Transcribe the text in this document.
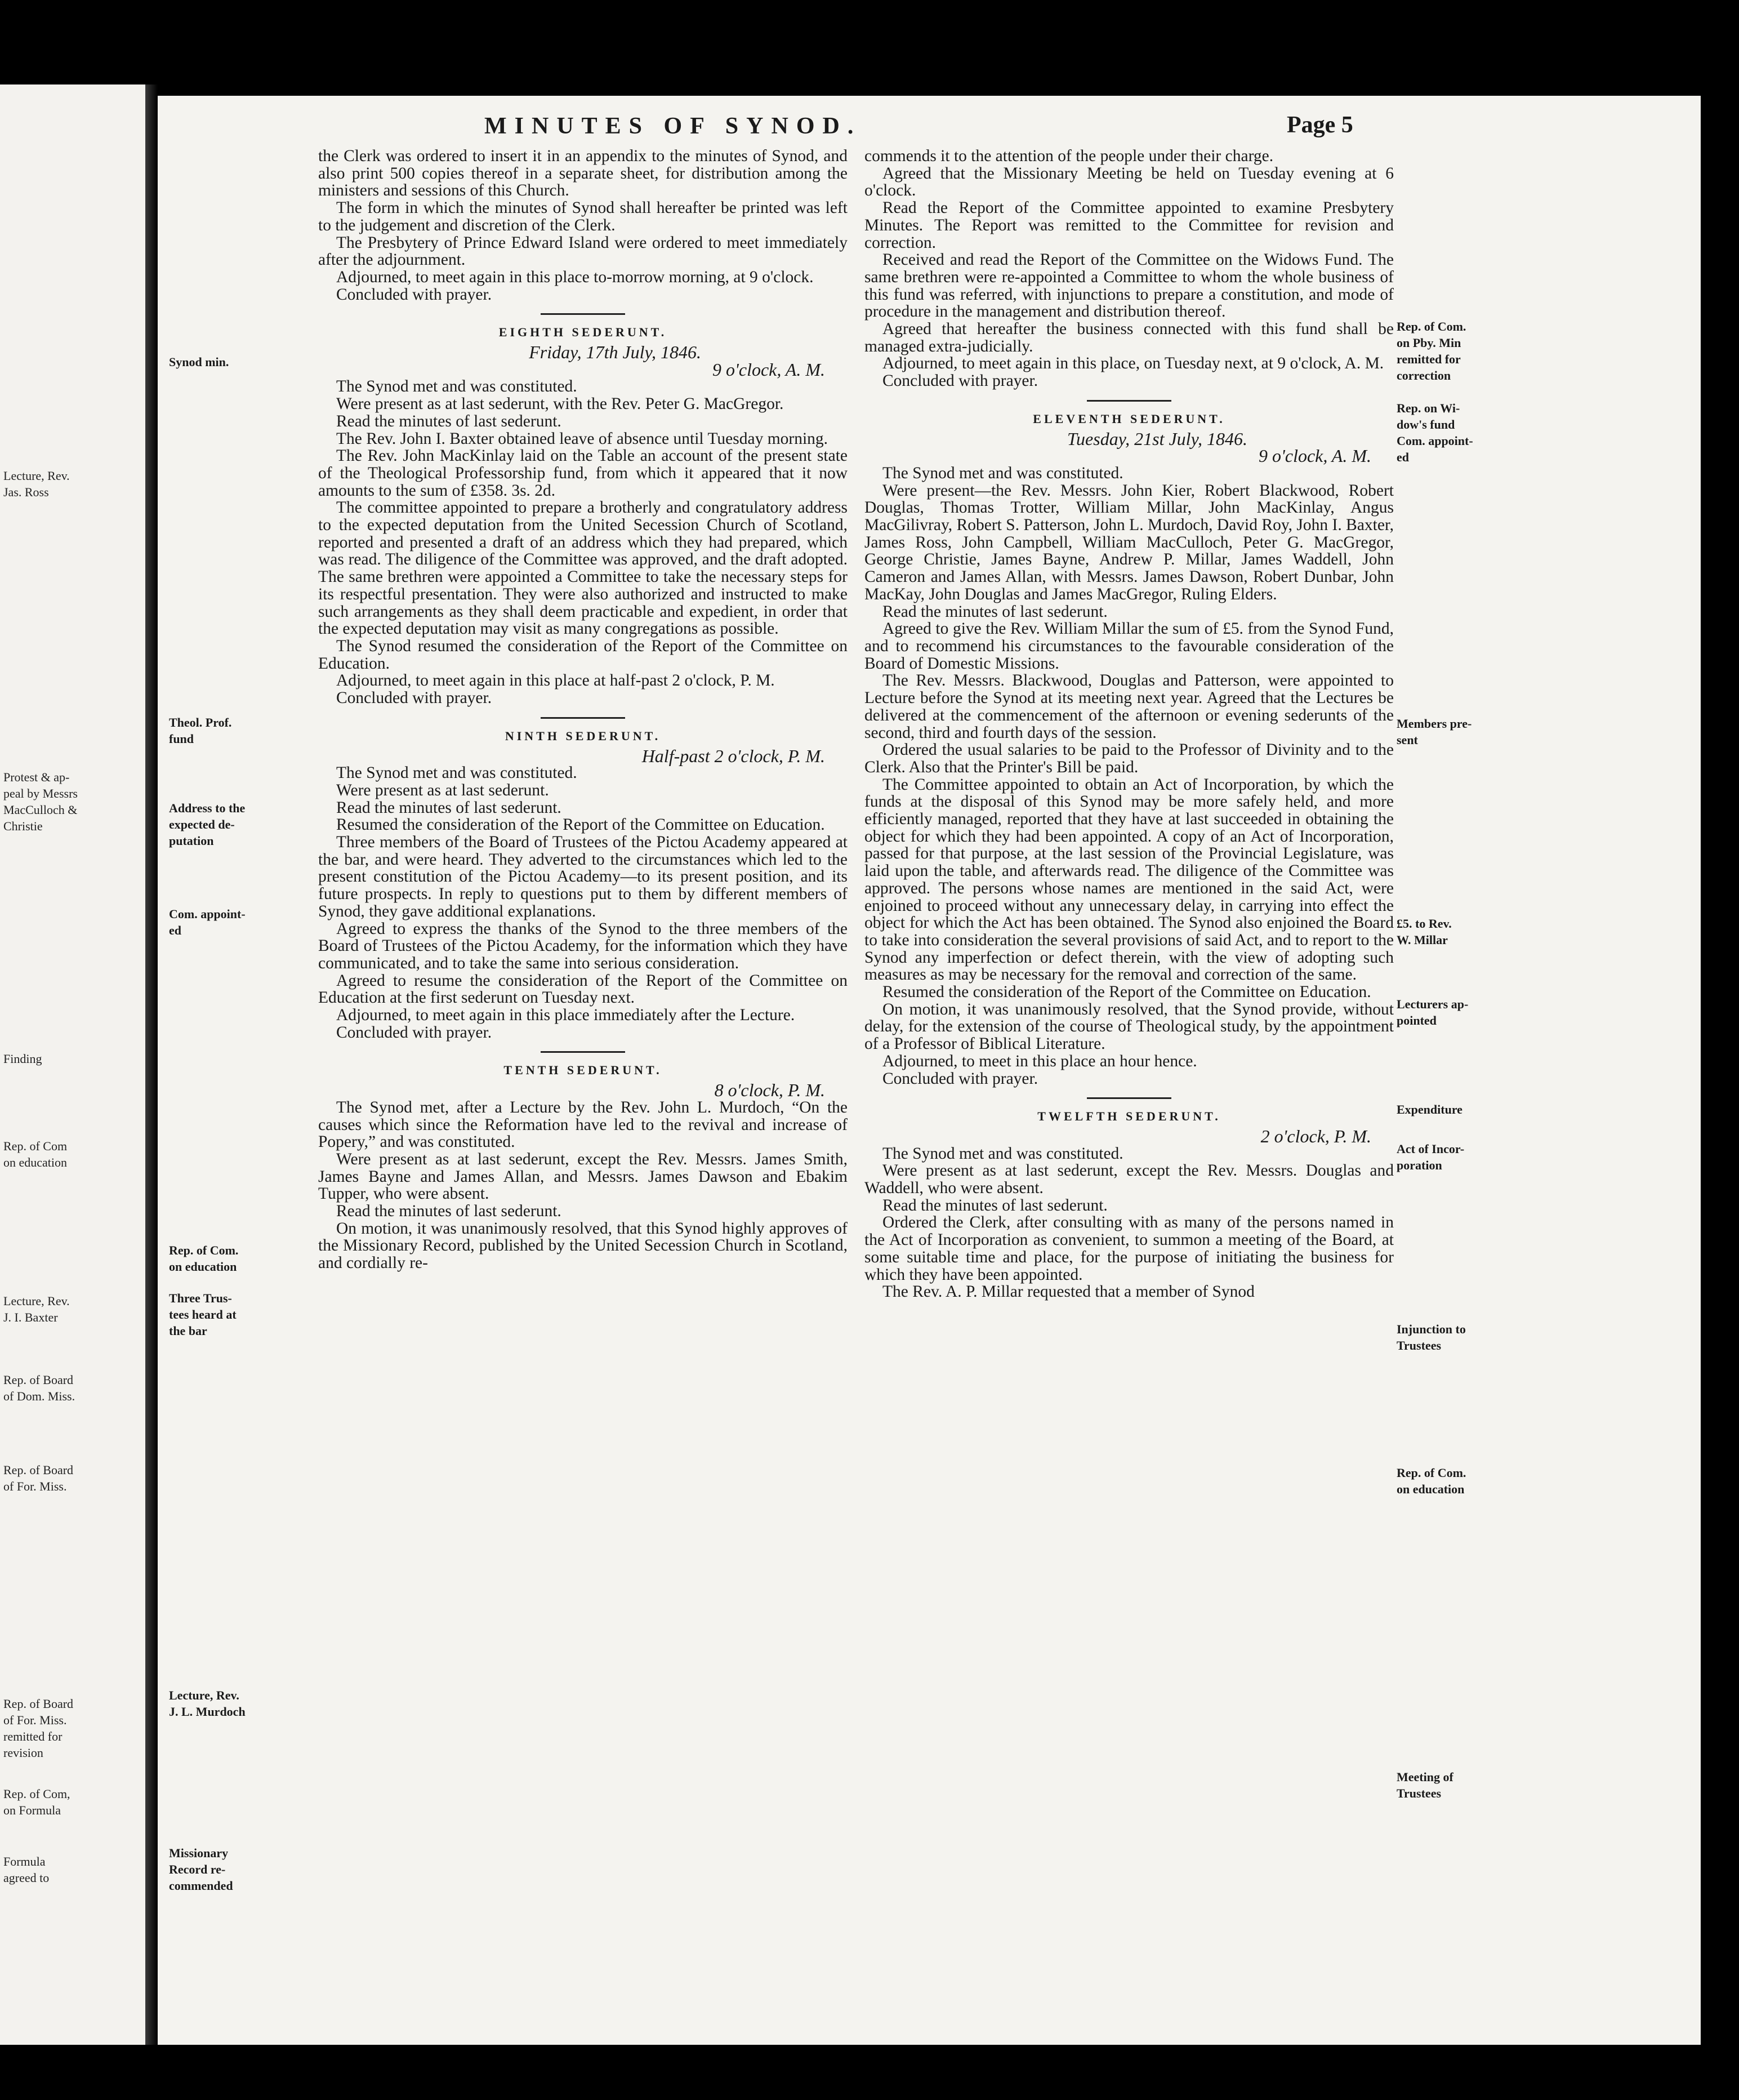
Lecture, Rev.
Jas. Ross
Protest & ap-
peal by Messrs
MacCulloch &
Christie
Finding
Rep. of Com
on education
Lecture, Rev.
J. I. Baxter
Rep. of Board
of Dom. Miss.
Rep. of Board
of For. Miss.
Rep. of Board
of For. Miss.
remitted for
revision
Rep. of Com,
on Formula
Formula
agreed to
MINUTES OF SYNOD.	Page 5

the Clerk was ordered to insert it in an appendix to the minutes of Synod, and also print 500 copies thereof in a separate sheet, for distribution among the ministers and sessions of this Church.

The form in which the minutes of Synod shall hereafter be printed was left to the judgement and discretion of the Clerk.

The Presbytery of Prince Edward Island were ordered to meet immediately after the adjournment.

Adjourned, to meet again in this place to-morrow morning, at 9 o'clock.

Concluded with prayer.

EIGHTH SEDERUNT.
Friday, 17th July, 1846.
9 o'clock, A. M.

The Synod met and was constituted.

Were present as at last sederunt, with the Rev. Peter G. MacGregor.

Read the minutes of last sederunt.

The Rev. John I. Baxter obtained leave of absence until Tuesday morning.

The Rev. John MacKinlay laid on the Table an account of the present state of the Theological Professorship fund, from which it appeared that it now amounts to the sum of £358. 3s. 2d.

The committee appointed to prepare a brotherly and congratulatory address to the expected deputation from the United Secession Church of Scotland, reported and presented a draft of an address which they had prepared, which was read. The diligence of the Committee was approved, and the draft adopted. The same brethren were appointed a Committee to take the necessary steps for its respectful presentation. They were also authorized and instructed to make such arrangements as they shall deem practicable and expedient, in order that the expected deputation may visit as many congregations as possible.

The Synod resumed the consideration of the Report of the Committee on Education.

Adjourned, to meet again in this place at half-past 2 o'clock, P. M.

Concluded with prayer.

NINTH SEDERUNT.
Half-past 2 o'clock, P. M.

The Synod met and was constituted.

Were present as at last sederunt.

Read the minutes of last sederunt.

Resumed the consideration of the Report of the Committee on Education.

Three members of the Board of Trustees of the Pictou Academy appeared at the bar, and were heard. They adverted to the circumstances which led to the present constitution of the Pictou Academy—to its present position, and its future prospects. In reply to questions put to them by different members of Synod, they gave additional explanations.

Agreed to express the thanks of the Synod to the three members of the Board of Trustees of the Pictou Academy, for the information which they have communicated, and to take the same into serious consideration.

Agreed to resume the consideration of the Report of the Committee on Education at the first sederunt on Tuesday next.

Adjourned, to meet again in this place immediately after the Lecture.

Concluded with prayer.

TENTH SEDERUNT.
8 o'clock, P. M.

The Synod met, after a Lecture by the Rev. John L. Murdoch, “On the causes which since the Reformation have led to the revival and increase of Popery,” and was constituted.

Were present as at last sederunt, except the Rev. Messrs. James Smith, James Bayne and James Allan, and Messrs. James Dawson and Ebakim Tupper, who were absent.

Read the minutes of last sederunt.

On motion, it was unanimously resolved, that this Synod highly approves of the Missionary Record, published by the United Secession Church in Scotland, and cordially re-

commends it to the attention of the people under their charge.

Agreed that the Missionary Meeting be held on Tuesday evening at 6 o'clock.

Read the Report of the Committee appointed to examine Presbytery Minutes. The Report was remitted to the Committee for revision and correction.

Received and read the Report of the Committee on the Widows Fund. The same brethren were re-appointed a Committee to whom the whole business of this fund was referred, with injunctions to prepare a constitution, and mode of procedure in the management and distribution thereof.

Agreed that hereafter the business connected with this fund shall be managed extra-judicially.

Adjourned, to meet again in this place, on Tuesday next, at 9 o'clock, A. M.

Concluded with prayer.

ELEVENTH SEDERUNT.
Tuesday, 21st July, 1846.
9 o'clock, A. M.

The Synod met and was constituted.

Were present—the Rev. Messrs. John Kier, Robert Blackwood, Robert Douglas, Thomas Trotter, William Millar, John MacKinlay, Angus MacGilivray, Robert S. Patterson, John L. Murdoch, David Roy, John I. Baxter, James Ross, John Campbell, William MacCulloch, Peter G. MacGregor, George Christie, James Bayne, Andrew P. Millar, James Waddell, John Cameron and James Allan, with Messrs. James Dawson, Robert Dunbar, John MacKay, John Douglas and James MacGregor, Ruling Elders.

Read the minutes of last sederunt.

Agreed to give the Rev. William Millar the sum of £5. from the Synod Fund, and to recommend his circumstances to the favourable consideration of the Board of Domestic Missions.

The Rev. Messrs. Blackwood, Douglas and Patterson, were appointed to Lecture before the Synod at its meeting next year. Agreed that the Lectures be delivered at the commencement of the afternoon or evening sederunts of the second, third and fourth days of the session.

Ordered the usual salaries to be paid to the Professor of Divinity and to the Clerk. Also that the Printer's Bill be paid.

The Committee appointed to obtain an Act of Incorporation, by which the funds at the disposal of this Synod may be more safely held, and more efficiently managed, reported that they have at last succeeded in obtaining the object for which they had been appointed. A copy of an Act of Incorporation, passed for that purpose, at the last session of the Provincial Legislature, was laid upon the table, and afterwards read. The diligence of the Committee was approved. The persons whose names are mentioned in the said Act, were enjoined to proceed without any unnecessary delay, in carrying into effect the object for which the Act has been obtained. The Synod also enjoined the Board to take into consideration the several provisions of said Act, and to report to the Synod any imperfection or defect therein, with the view of adopting such measures as may be necessary for the removal and correction of the same.

Resumed the consideration of the Report of the Committee on Education.

On motion, it was unanimously resolved, that the Synod provide, without delay, for the extension of the course of Theological study, by the appointment of a Professor of Biblical Literature.

Adjourned, to meet in this place an hour hence.

Concluded with prayer.

TWELFTH SEDERUNT.
2 o'clock, P. M.

The Synod met and was constituted.

Were present as at last sederunt, except the Rev. Messrs. Douglas and Waddell, who were absent.

Read the minutes of last sederunt.

Ordered the Clerk, after consulting with as many of the persons named in the Act of Incorporation as convenient, to summon a meeting of the Board, at some suitable time and place, for the purpose of initiating the business for which they have been appointed.

The Rev. A. P. Millar requested that a member of Synod

Synod min.
Theol. Prof.
fund
Address to the
expected de-
putation
Com. appoint-
ed
Rep. of Com.
on education
Three Trus-
tees heard at
the bar
Lecture, Rev.
J. L. Murdoch
Missionary
Record re-
commended
Rep. of Com.
on Pby. Min
remitted for
correction
Rep. on Wi-
dow's fund
Com. appoint-
ed
Members pre-
sent
£5. to Rev.
W. Millar
Lecturers ap-
pointed
Expenditure
Act of Incor-
poration
Injunction to
Trustees
Rep. of Com.
on education
Meeting of
Trustees
